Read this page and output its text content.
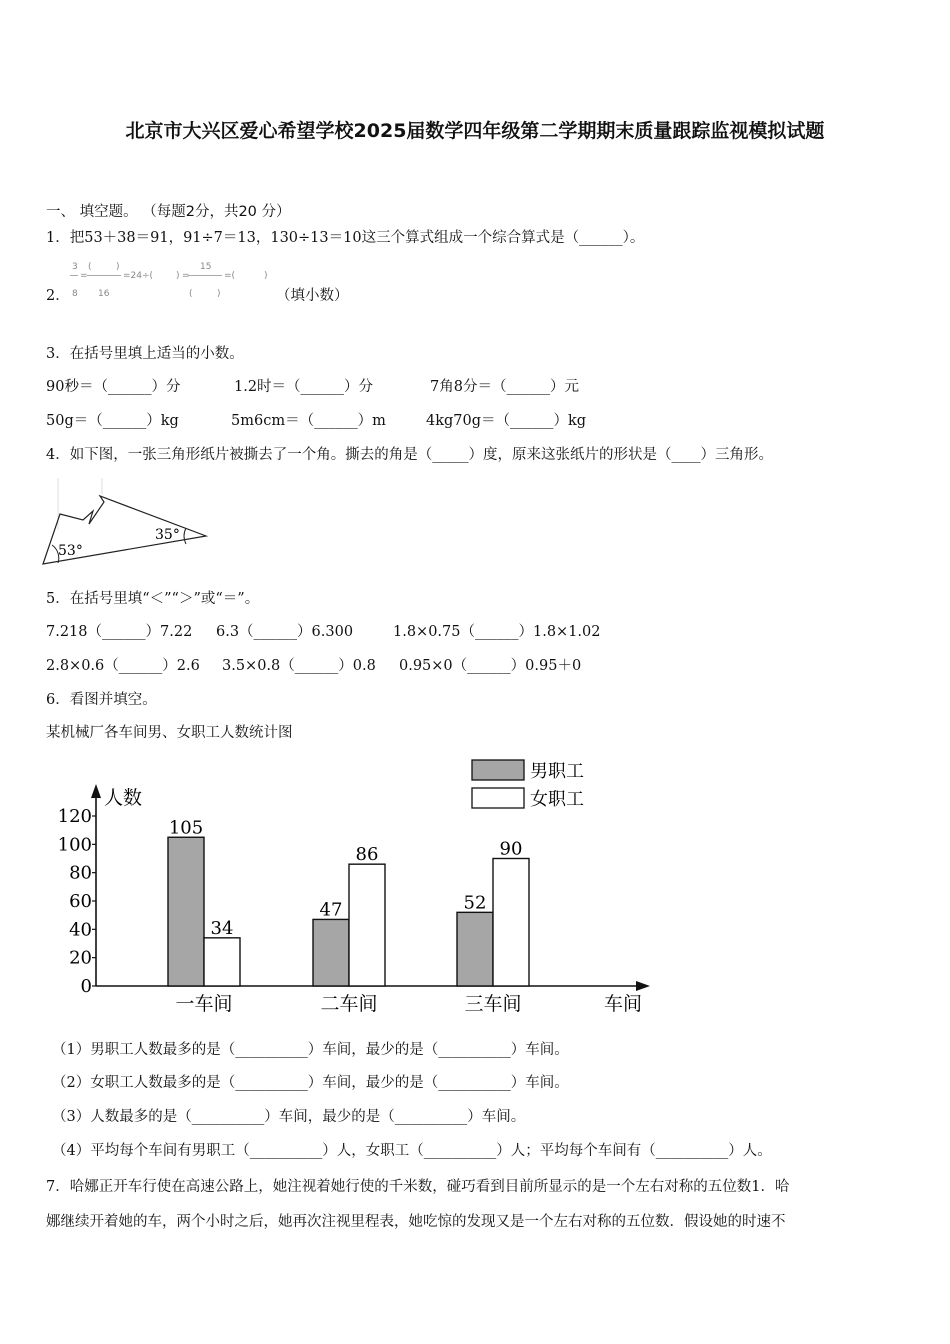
北京市大兴区爱心希望学校2025届数学四年级第二学期期末质量跟踪监视模拟试题
一、 填空题。 （每题2分，共20 分）
1．把53＋38＝91，91÷7＝13，130÷13＝10这三个算式组成一个综合算式是（______）。
2．
3
8
=
(	)
16
=24÷(	) =
15
(	)
=(	)
（填小数）
3．在括号里填上适当的小数。
90秒＝（______）分	1.2时＝（______）分	7角8分＝（______）元
50g＝（______）kg	5m6cm＝（______）m	4kg70g＝（______）kg
4．如下图，一张三角形纸片被撕去了一个角。撕去的角是（_____）度，原来这张纸片的形状是（____）三角形。
35°
53°
5．在括号里填“＜”“＞”或“＝”。
7.218（______）7.22 6.3（______）6.300	1.8×0.75（______）1.8×1.02
2.8×0.6（______）2.6 3.5×0.8（______）0.8 0.95×0（______）0.95＋0
6．看图并填空。
某机械厂各车间男、女职工人数统计图
人数
车间
0
20
40
60
80
100
120
105
34
一车间
47
86
二车间
52
90
三车间
男职工
女职工
（1）男职工人数最多的是（__________）车间，最少的是（__________）车间。
（2）女职工人数最多的是（__________）车间，最少的是（__________）车间。
（3）人数最多的是（__________）车间，最少的是（__________）车间。
（4）平均每个车间有男职工（__________）人，女职工（__________）人；平均每个车间有（__________）人。
7．哈娜正开车行使在高速公路上，她注视着她行使的千米数，碰巧看到目前所显示的是一个左右对称的五位数1．哈
娜继续开着她的车，两个小时之后，她再次注视里程表，她吃惊的发现又是一个左右对称的五位数．假设她的时速不
